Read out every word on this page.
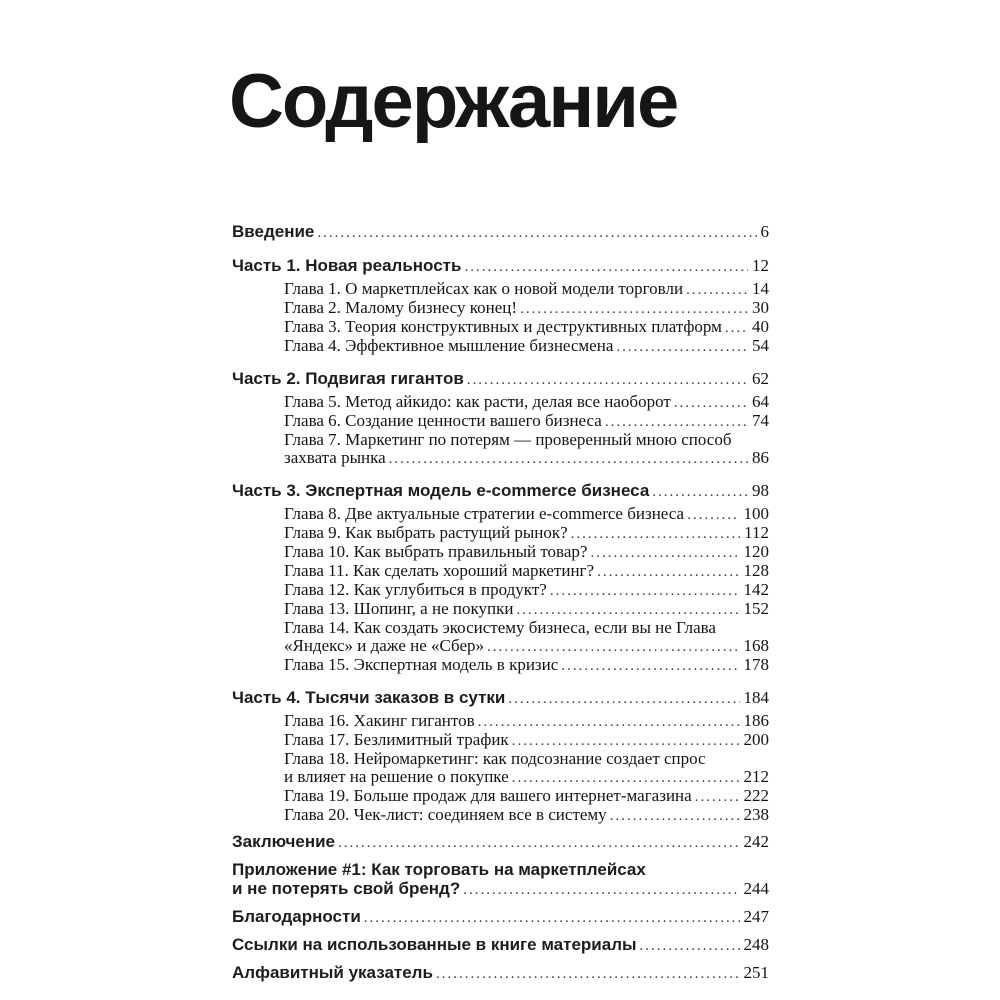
Содержание
Введение .....	6
Часть 1. Новая реальность .....	12
Глава 1. О маркетплейсах как о новой модели торговли .....	14
Глава 2. Малому бизнесу конец! .....	30
Глава 3. Теория конструктивных и деструктивных платформ ..... 40
Глава 4. Эффективное мышление бизнесмена .....	54
Часть 2. Подвигая гигантов .....	62
Глава 5. Метод айкидо: как расти, делая все наоборот .....	64
Глава 6. Создание ценности вашего бизнеса .....	74
Глава 7. Маркетинг по потерям — проверенный мною способ
захвата рынка .....	86
Часть 3. Экспертная модель e-commerce бизнеса .....	98
Глава 8. Две актуальные стратегии e-commerce бизнеса .....	100
Глава 9. Как выбрать растущий рынок? .....	112
Глава 10. Как выбрать правильный товар? .....	120
Глава 11. Как сделать хороший маркетинг? .....	128
Глава 12. Как углубиться в продукт? .....	142
Глава 13. Шопинг, а не покупки .....	152
Глава 14. Как создать экосистему бизнеса, если вы не Глава
«Яндекс» и даже не «Сбер» .....	168
Глава 15. Экспертная модель в кризис .....	178
Часть 4. Тысячи заказов в сутки .....	184
Глава 16. Хакинг гигантов .....	186
Глава 17. Безлимитный трафик .....	200
Глава 18. Нейромаркетинг: как подсознание создает спрос
и влияет на решение о покупке .....	212
Глава 19. Больше продаж для вашего интернет-магазина .....	222
Глава 20. Чек-лист: соединяем все в систему .....	238
Заключение .....	242
Приложение #1: Как торговать на маркетплейсах
и не потерять свой бренд? .....	244
Благодарности .....	247
Ссылки на использованные в книге материалы .....	248
Алфавитный указатель .....	251
